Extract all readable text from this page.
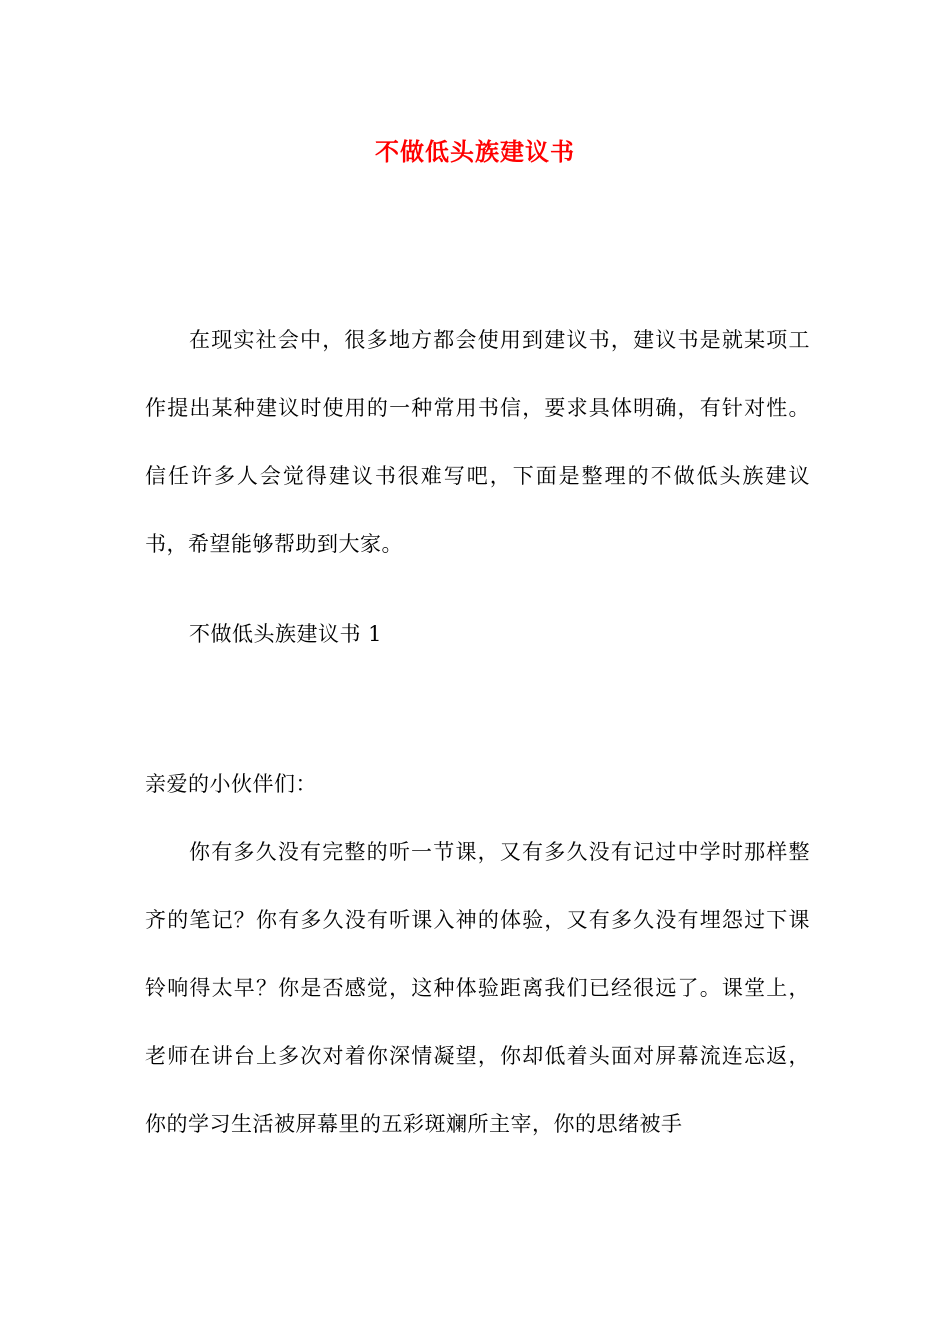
不做低头族建议书
在现实社会中，很多地方都会使用到建议书，建议书是就某项工作提出某种建议时使用的一种常用书信，要求具体明确，有针对性。信任许多人会觉得建议书很难写吧，下面是整理的不做低头族建议书，希望能够帮助到大家。
不做低头族建议书 1
亲爱的小伙伴们：
你有多久没有完整的听一节课，又有多久没有记过中学时那样整齐的笔记？你有多久没有听课入神的体验，又有多久没有埋怨过下课铃响得太早？你是否感觉，这种体验距离我们已经很远了。课堂上，老师在讲台上多次对着你深情凝望，你却低着头面对屏幕流连忘返，你的学习生活被屏幕里的五彩斑斓所主宰，你的思绪被手
